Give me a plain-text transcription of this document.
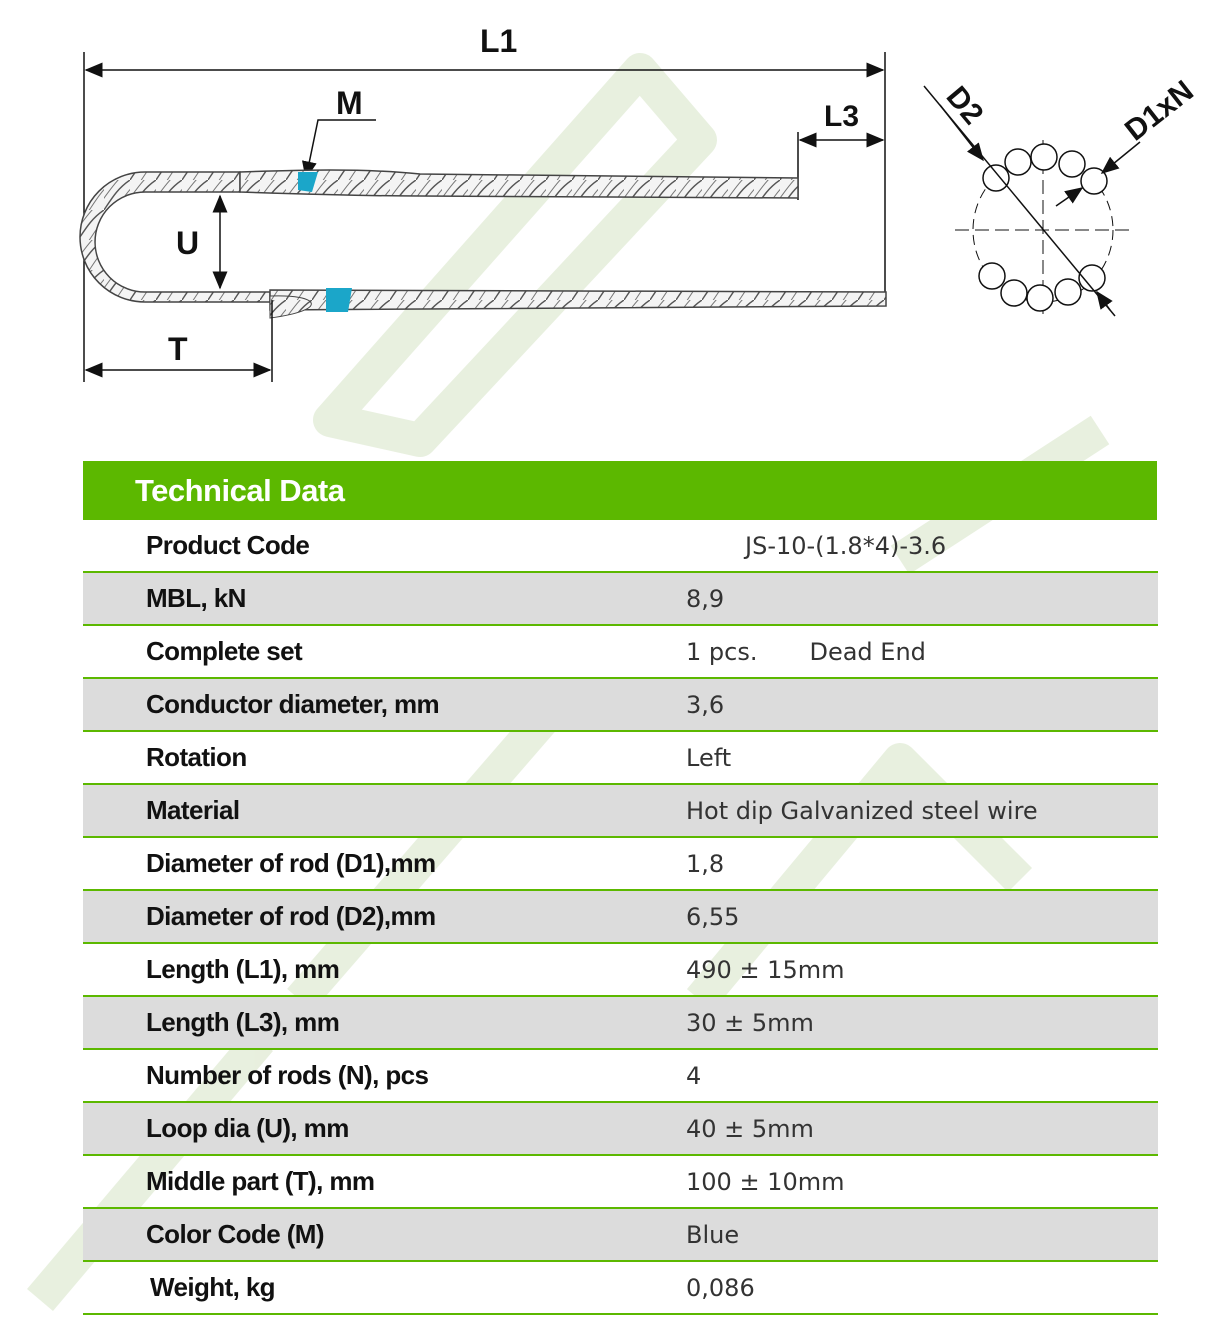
L1
L3
M
U
T
D2	D1xN
Technical Data
Product Code	JS-10-(1.8*4)-3.6
MBL, kN	8,9
Complete set	1 pcs. Dead End
Conductor diameter, mm	3,6
Rotation	Left
Material	Hot dip Galvanized steel wire
Diameter of rod (D1),mm	1,8
Diameter of rod (D2),mm	6,55
Length (L1), mm	490 ± 15mm
Length (L3), mm	30 ± 5mm
Number of rods (N), pcs	4
Loop dia (U), mm	40 ± 5mm
Middle part (T), mm	100 ± 10mm
Color Code (M)	Blue
Weight, kg	0,086
